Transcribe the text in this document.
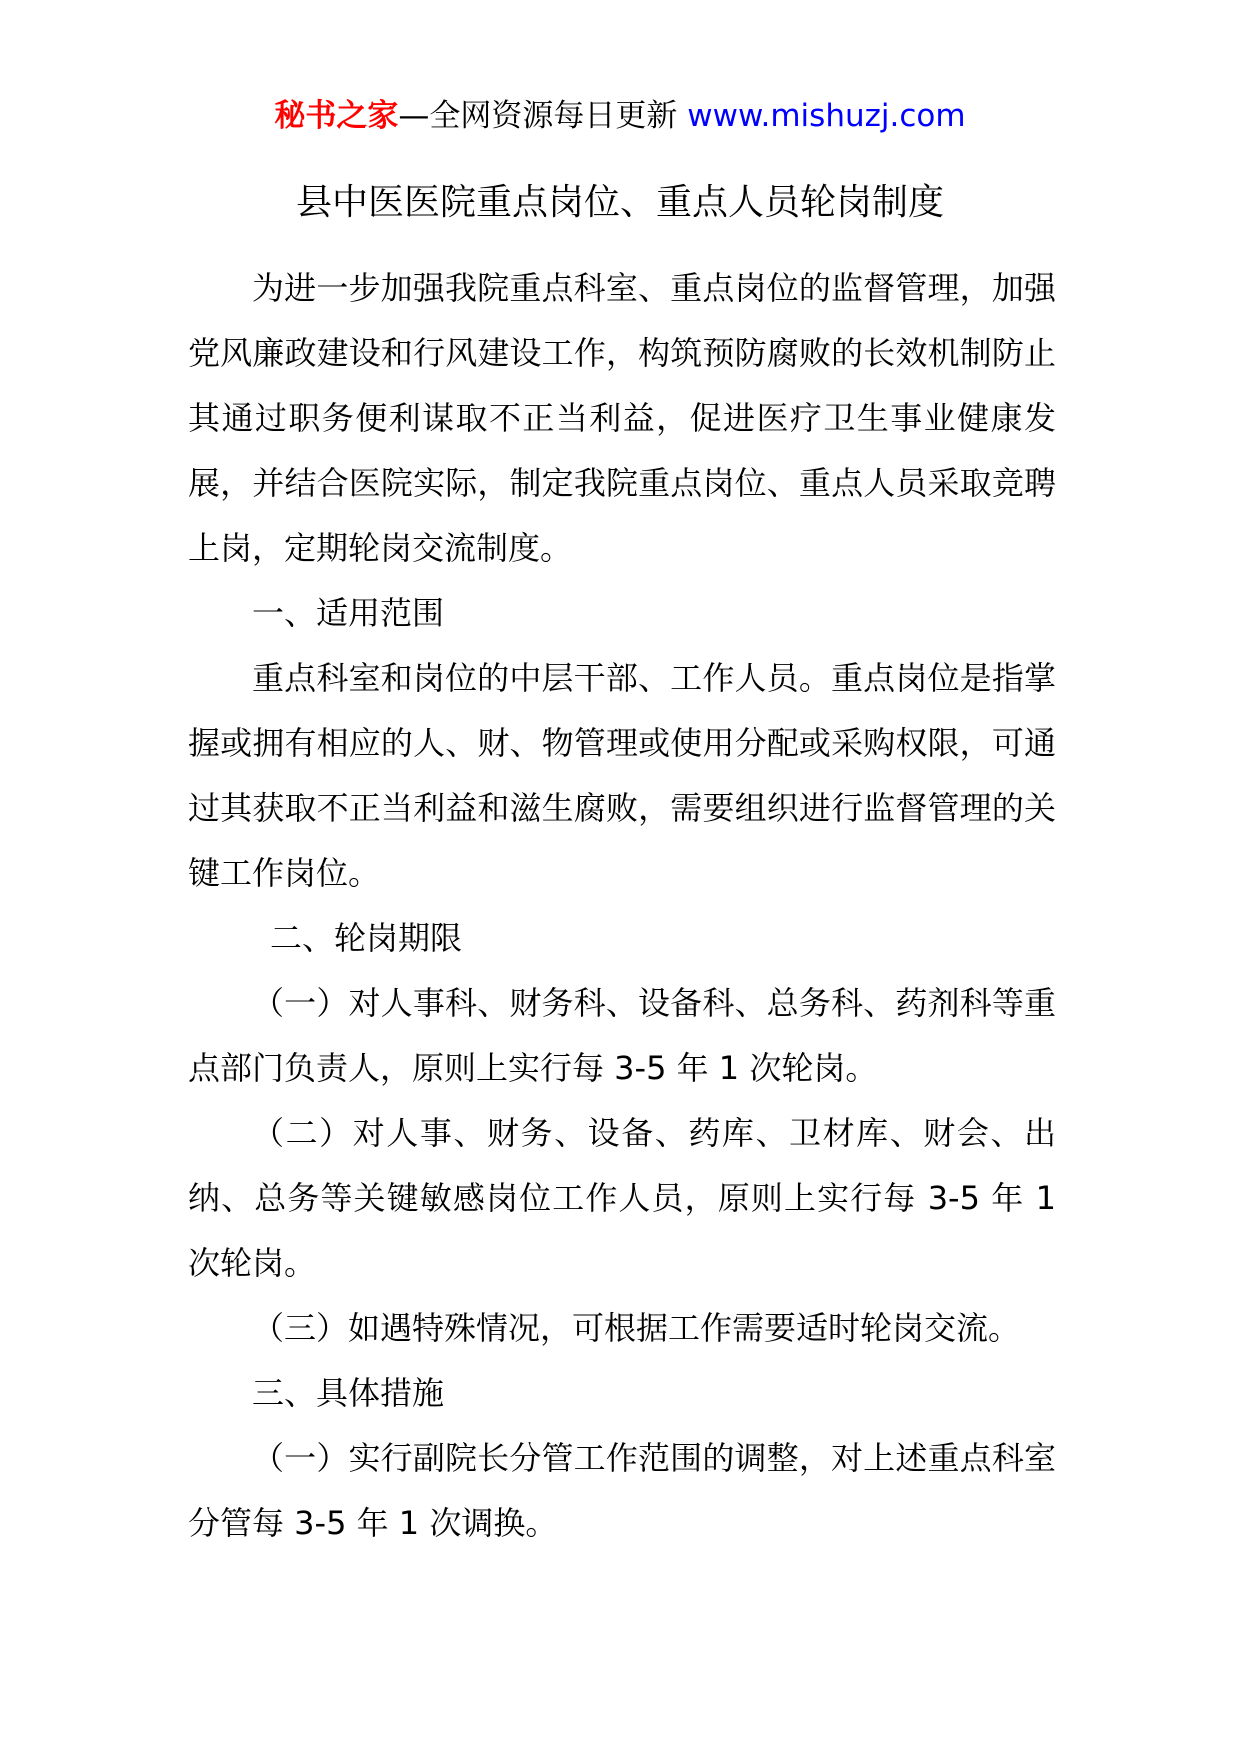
秘书之家—全网资源每日更新 www.mishuzj.com
县中医医院重点岗位、重点人员轮岗制度

为进一步加强我院重点科室、重点岗位的监督管理，加强党风廉政建设和行风建设工作，构筑预防腐败的长效机制防止其通过职务便利谋取不正当利益，促进医疗卫生事业健康发展，并结合医院实际，制定我院重点岗位、重点人员采取竞聘上岗，定期轮岗交流制度。

一、适用范围

重点科室和岗位的中层干部、工作人员。重点岗位是指掌握或拥有相应的人、财、物管理或使用分配或采购权限，可通过其获取不正当利益和滋生腐败，需要组织进行监督管理的关键工作岗位。

二、轮岗期限

（一）对人事科、财务科、设备科、总务科、药剂科等重点部门负责人，原则上实行每 3-5 年 1 次轮岗。

（二）对人事、财务、设备、药库、卫材库、财会、出纳、总务等关键敏感岗位工作人员，原则上实行每 3-5 年 1 次轮岗。

（三）如遇特殊情况，可根据工作需要适时轮岗交流。

三、具体措施

（一）实行副院长分管工作范围的调整，对上述重点科室分管每 3-5 年 1 次调换。
